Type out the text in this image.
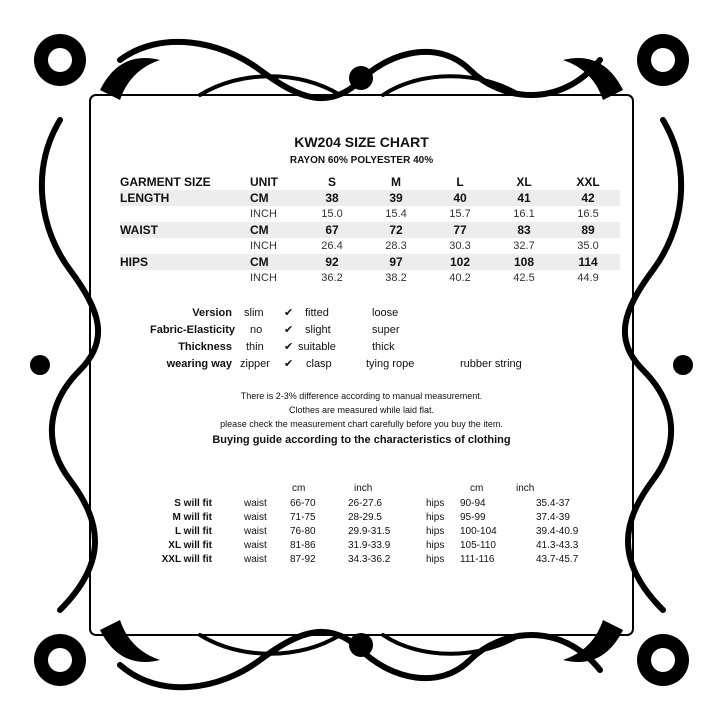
KW204 SIZE CHART
RAYON 60% POLYESTER 40%
GARMENT SIZE	UNIT	S	M	L	XL	XXL
LENGTH	CM	38	39	40	41	42
	INCH	15.0	15.4	15.7	16.1	16.5
WAIST	CM	67	72	77	83	89
	INCH	26.4	28.3	30.3	32.7	35.0
HIPS	CM	92	97	102	108	114
	INCH	36.2	38.2	40.2	42.5	44.9
Version slim ✔ fitted	loose
Fabric-Elasticity no ✔ slight	super
Thickness thin ✔ suitable	thick
wearing way zipper ✔ clasp	tying rope	rubber string
There is 2-3% difference according to manual measurement.
Clothes are measured while laid flat.
please check the measurement chart carefully before you buy the item.
Buying guide according to the characteristics of clothing
cm	inch	cm	inch
S will fit	waist 66-70	26-27.6	hips 90-94	35.4-37
M will fit	waist 71-75	28-29.5	hips 95-99	37.4-39
L will fit	waist 76-80	29.9-31.5	hips 100-104	39.4-40.9
XL will fit	waist 81-86	31.9-33.9	hips 105-110	41.3-43.3
XXL will fit	waist 87-92	34.3-36.2	hips 111-116	43.7-45.7
